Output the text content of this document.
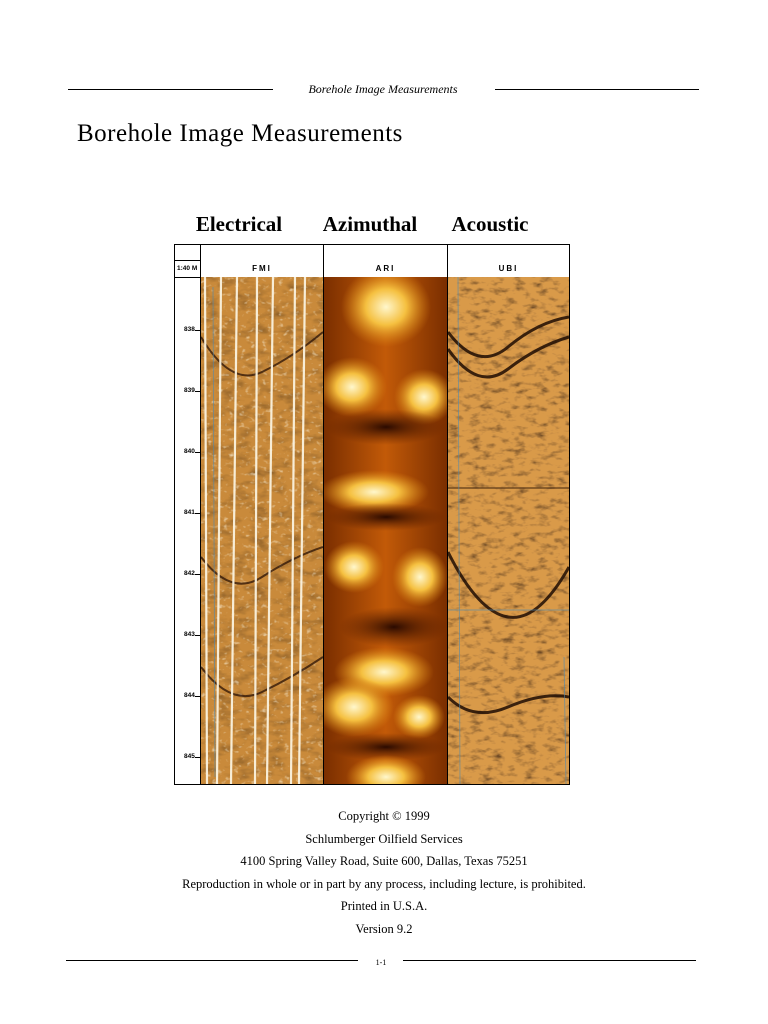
Borehole Image Measurements
Borehole Image Measurements
Electrical	Azimuthal	Acoustic
1:40 M	FMI	ARI	UBI
838
839
840
841
842
843
844
845
Copyright © 1999
Schlumberger Oilfield Services
4100 Spring Valley Road, Suite 600, Dallas, Texas 75251
Reproduction in whole or in part by any process, including lecture, is prohibited.
Printed in U.S.A.
Version 9.2
1-1
